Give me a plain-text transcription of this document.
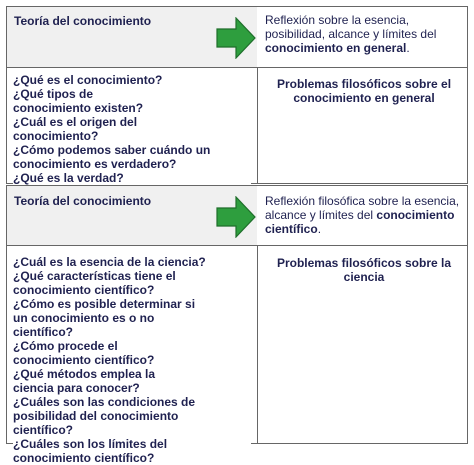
Teoría del conocimiento	Reflexión sobre la esencia, posibilidad, alcance y límites del conocimiento en general.
¿Qué es el conocimiento?
¿Qué tipos de conocimiento existen?
¿Cuál es el origen del conocimiento?
¿Cómo podemos saber cuándo un conocimiento es verdadero?
¿Qué es la verdad?
Problemas filosóficos sobre el conocimiento en general
Teoría del conocimiento	Reflexión filosófica sobre la esencia, alcance y límites del conocimiento científico.
¿Cuál es la esencia de la ciencia?
¿Qué características tiene el conocimiento científico?
¿Cómo es posible determinar si un conocimiento es o no científico?
¿Cómo procede el conocimiento científico?
¿Qué métodos emplea la ciencia para conocer?
¿Cuáles son las condiciones de posibilidad del conocimiento científico?
¿Cuáles son los límites del conocimiento científico?
Problemas filosóficos sobre la ciencia
